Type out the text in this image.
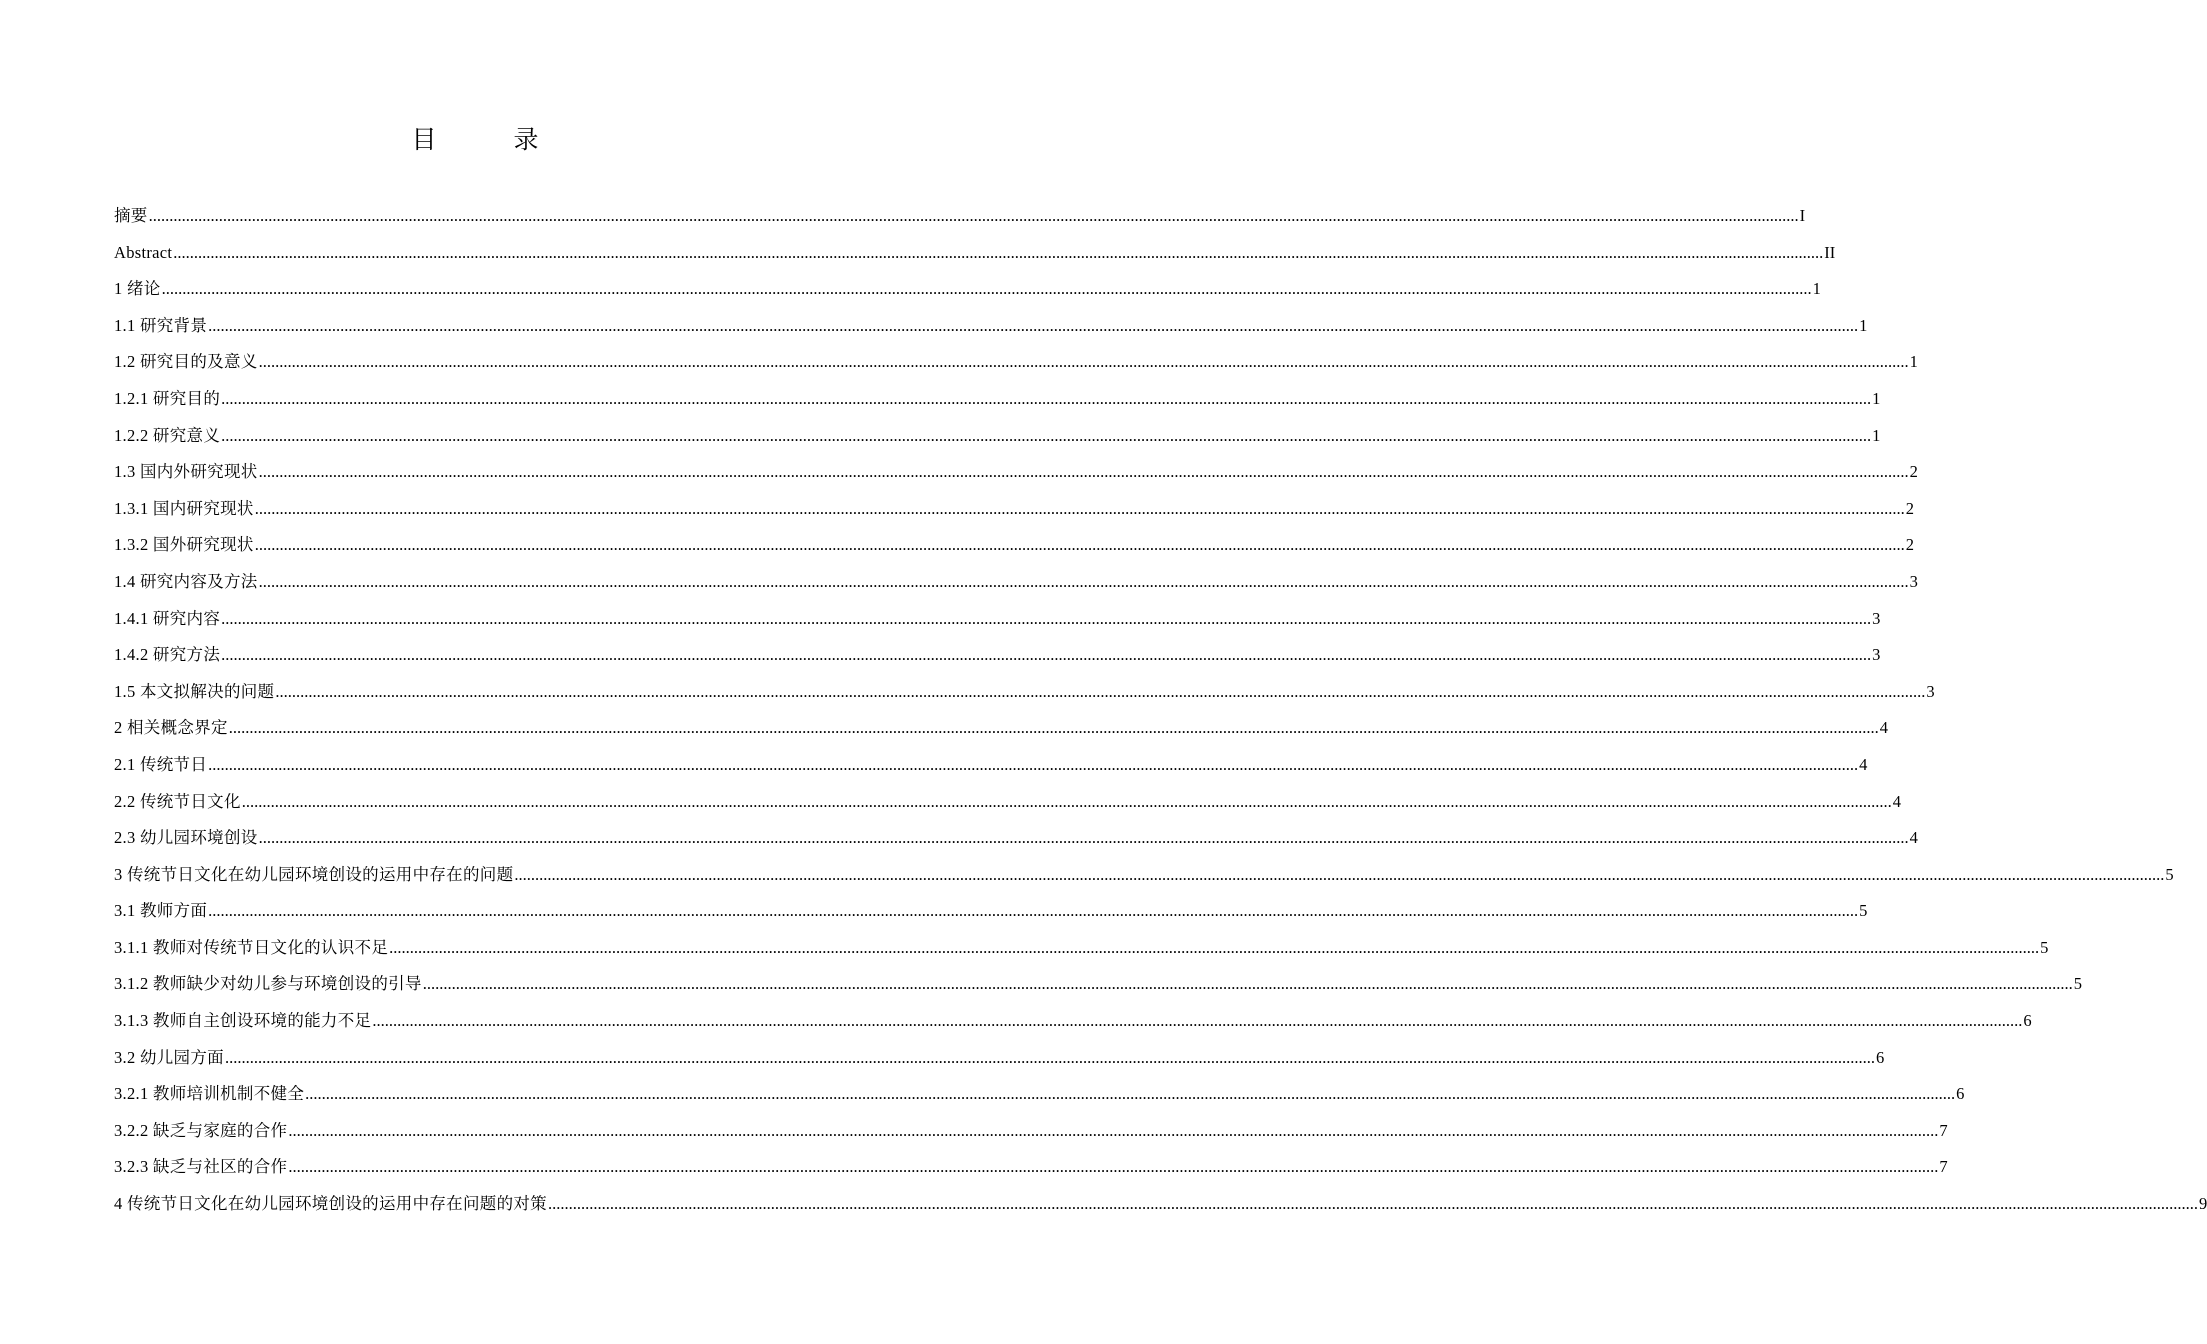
目　录
摘要 ................................................................................................................................................................................................................................................................................................................................................................................................................ I
Abstract ................................................................................................................................................................................................................................................................................................................................................................................................................ II
1 绪论 ................................................................................................................................................................................................................................................................................................................................................................................................................ 1
1.1 研究背景 ................................................................................................................................................................................................................................................................................................................................................................................................................ 1
1.2 研究目的及意义 ................................................................................................................................................................................................................................................................................................................................................................................................................ 1
1.2.1 研究目的 ................................................................................................................................................................................................................................................................................................................................................................................................................ 1
1.2.2 研究意义 ................................................................................................................................................................................................................................................................................................................................................................................................................ 1
1.3 国内外研究现状 ................................................................................................................................................................................................................................................................................................................................................................................................................ 2
1.3.1 国内研究现状 ................................................................................................................................................................................................................................................................................................................................................................................................................ 2
1.3.2 国外研究现状 ................................................................................................................................................................................................................................................................................................................................................................................................................ 2
1.4 研究内容及方法 ................................................................................................................................................................................................................................................................................................................................................................................................................ 3
1.4.1 研究内容 ................................................................................................................................................................................................................................................................................................................................................................................................................ 3
1.4.2 研究方法 ................................................................................................................................................................................................................................................................................................................................................................................................................ 3
1.5 本文拟解决的问题 ................................................................................................................................................................................................................................................................................................................................................................................................................ 3
2 相关概念界定 ................................................................................................................................................................................................................................................................................................................................................................................................................ 4
2.1 传统节日 ................................................................................................................................................................................................................................................................................................................................................................................................................ 4
2.2 传统节日文化 ................................................................................................................................................................................................................................................................................................................................................................................................................ 4
2.3 幼儿园环境创设 ................................................................................................................................................................................................................................................................................................................................................................................................................ 4
3 传统节日文化在幼儿园环境创设的运用中存在的问题 ................................................................................................................................................................................................................................................................................................................................................................................................................ 5
3.1 教师方面 ................................................................................................................................................................................................................................................................................................................................................................................................................ 5
3.1.1 教师对传统节日文化的认识不足 ................................................................................................................................................................................................................................................................................................................................................................................................................ 5
3.1.2 教师缺少对幼儿参与环境创设的引导 ................................................................................................................................................................................................................................................................................................................................................................................................................ 5
3.1.3 教师自主创设环境的能力不足 ................................................................................................................................................................................................................................................................................................................................................................................................................ 6
3.2 幼儿园方面 ................................................................................................................................................................................................................................................................................................................................................................................................................ 6
3.2.1 教师培训机制不健全 ................................................................................................................................................................................................................................................................................................................................................................................................................ 6
3.2.2 缺乏与家庭的合作 ................................................................................................................................................................................................................................................................................................................................................................................................................ 7
3.2.3 缺乏与社区的合作 ................................................................................................................................................................................................................................................................................................................................................................................................................ 7
4 传统节日文化在幼儿园环境创设的运用中存在问题的对策 ................................................................................................................................................................................................................................................................................................................................................................................................................ 9
